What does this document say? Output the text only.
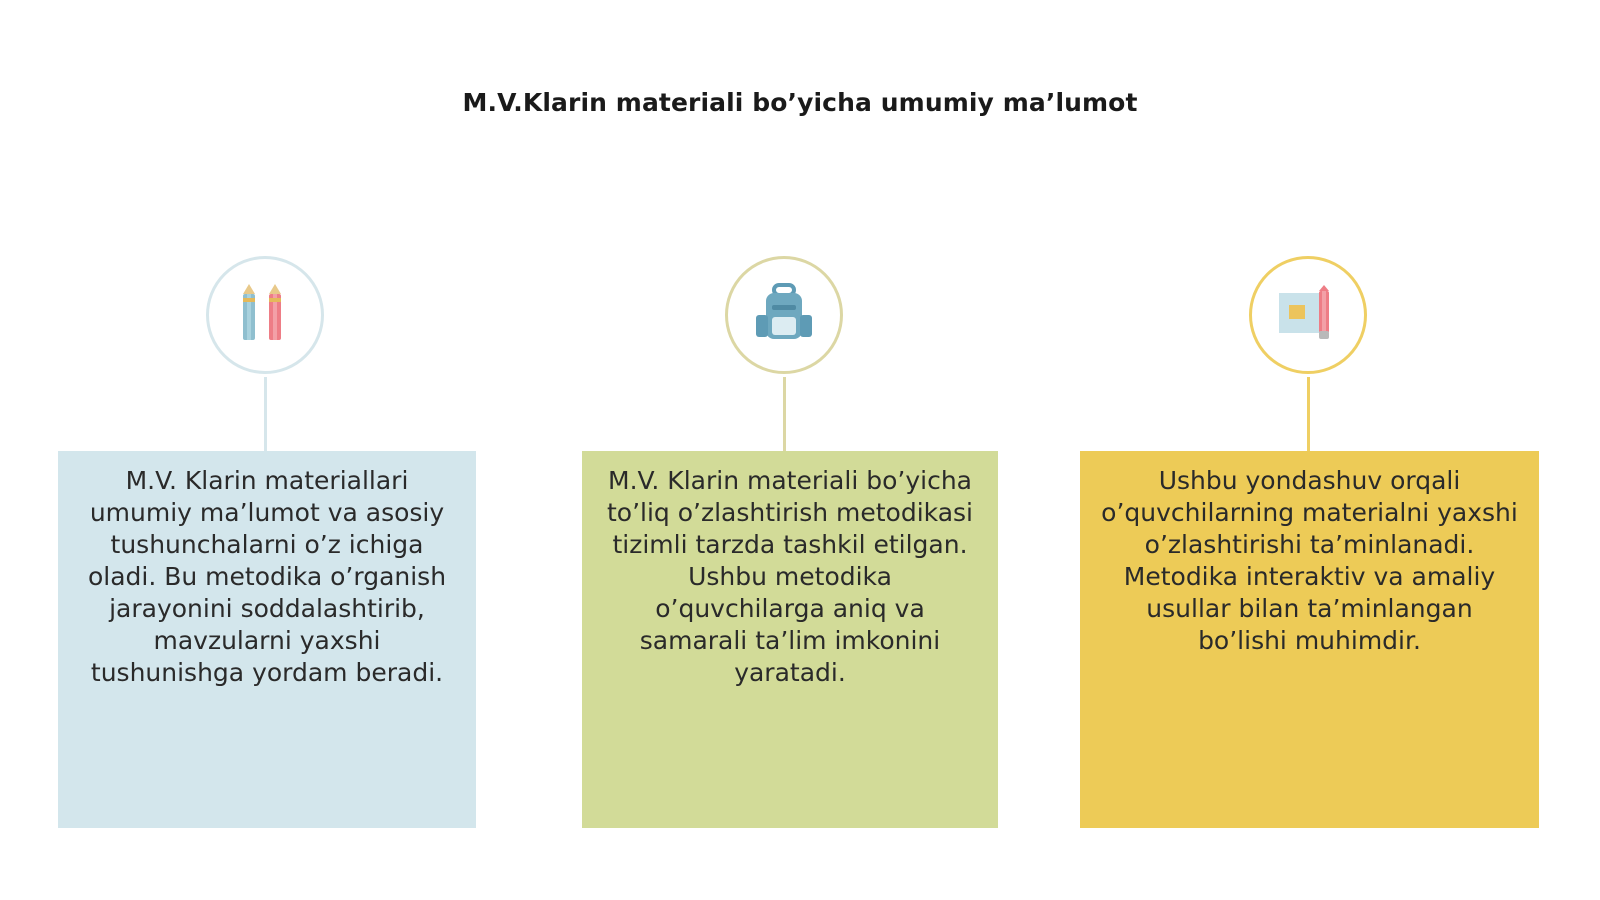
M.V.Klarin materiali bo’yicha umumiy ma’lumot
M.V. Klarin materiallari umumiy ma’lumot va asosiy tushunchalarni o’z ichiga oladi. Bu metodika o’rganish jarayonini soddalashtirib, mavzularni yaxshi tushunishga yordam beradi.
M.V. Klarin materiali bo’yicha to’liq o’zlashtirish metodikasi tizimli tarzda tashkil etilgan. Ushbu metodika o’quvchilarga aniq va samarali ta’lim imkonini yaratadi.
Ushbu yondashuv orqali o’quvchilarning materialni yaxshi o’zlashtirishi ta’minlanadi. Metodika interaktiv va amaliy usullar bilan ta’minlangan bo’lishi muhimdir.
